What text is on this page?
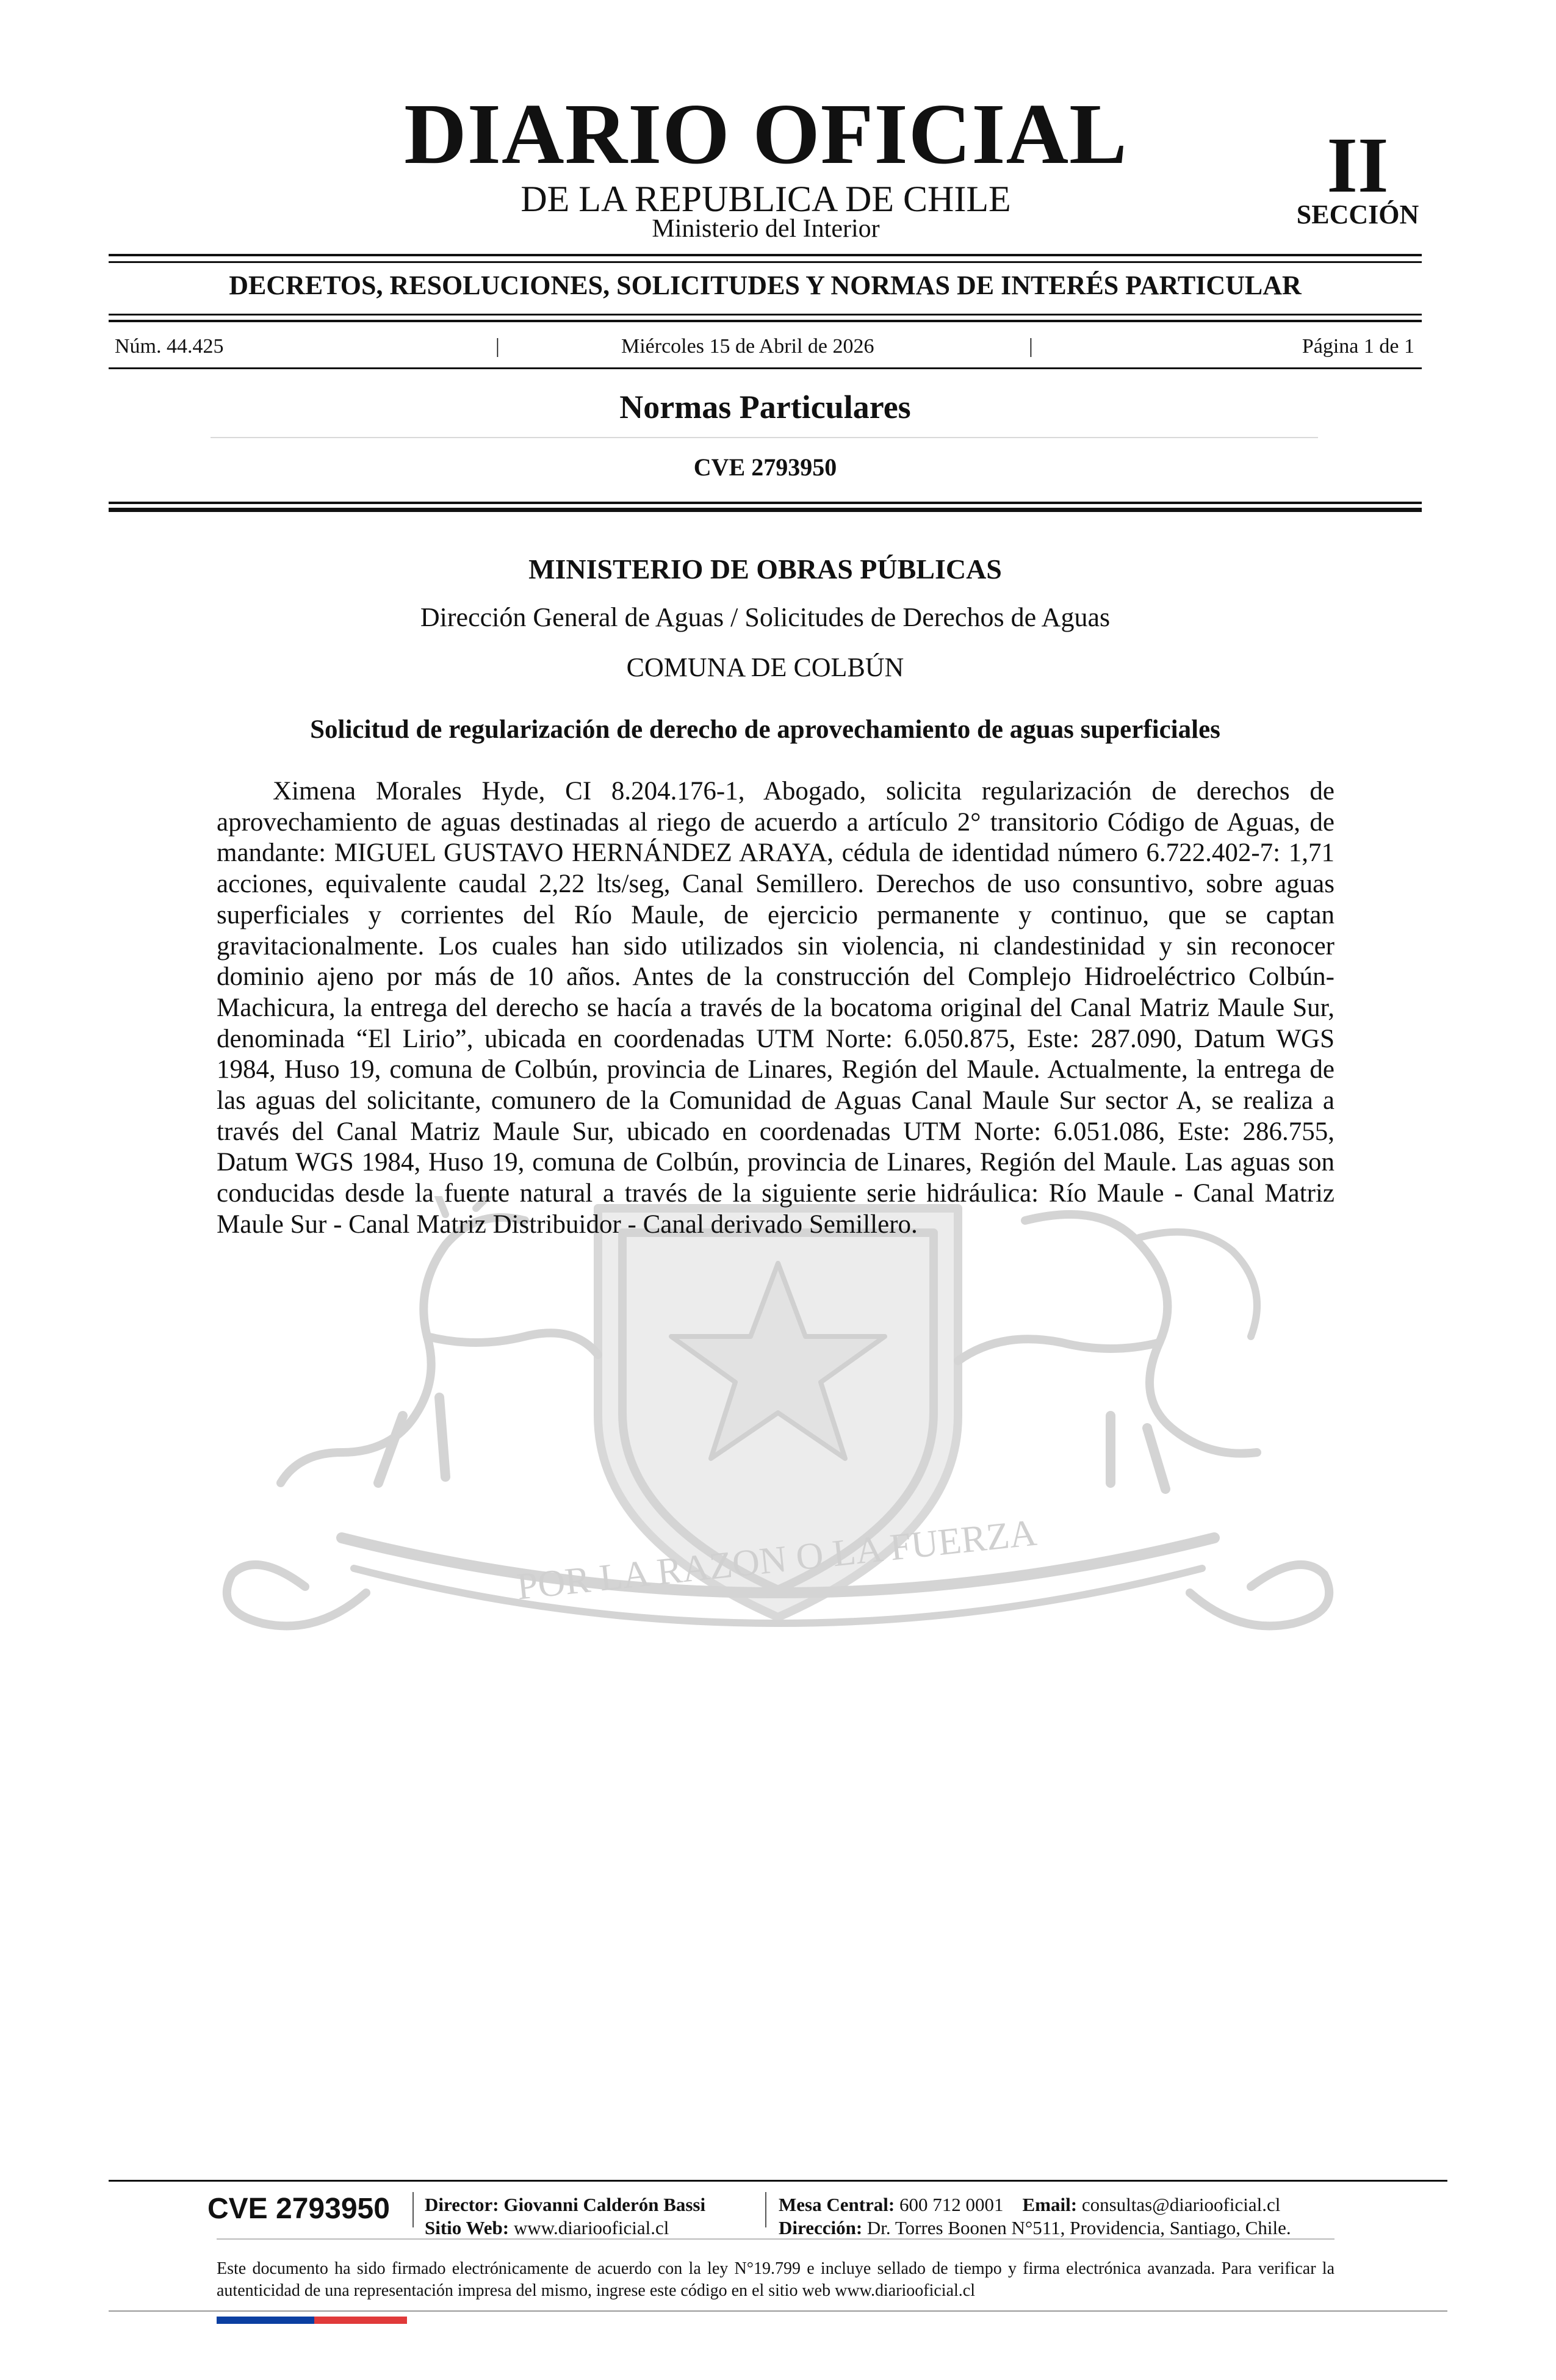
DIARIO OFICIAL
DE LA REPUBLICA DE CHILE
Ministerio del Interior
II
SECCIÓN
DECRETOS, RESOLUCIONES, SOLICITUDES Y NORMAS DE INTERÉS PARTICULAR
Núm. 44.425	|	Miércoles 15 de Abril de 2026	|	Página 1 de 1
Normas Particulares
CVE 2793950
POR LA RAZON O LA FUERZA
MINISTERIO DE OBRAS PÚBLICAS
Dirección General de Aguas / Solicitudes de Derechos de Aguas
COMUNA DE COLBÚN
Solicitud de regularización de derecho de aprovechamiento de aguas superficiales

Ximena Morales Hyde, CI 8.204.176-1, Abogado, solicita regularización de derechos de aprovechamiento de aguas destinadas al riego de acuerdo a artículo 2° transitorio Código de Aguas, de mandante: MIGUEL GUSTAVO HERNÁNDEZ ARAYA, cédula de identidad número 6.722.402-7: 1,71 acciones, equivalente caudal 2,22 lts/seg, Canal Semillero. Derechos de uso consuntivo, sobre aguas superficiales y corrientes del Río Maule, de ejercicio permanente y continuo, que se captan gravitacionalmente. Los cuales han sido utilizados sin violencia, ni clandestinidad y sin reconocer dominio ajeno por más de 10 años. Antes de la construcción del Complejo Hidroeléctrico Colbún-Machicura, la entrega del derecho se hacía a través de la bocatoma original del Canal Matriz Maule Sur, denominada “El Lirio”, ubicada en coordenadas UTM Norte: 6.050.875, Este: 287.090, Datum WGS 1984, Huso 19, comuna de Colbún, provincia de Linares, Región del Maule. Actualmente, la entrega de las aguas del solicitante, comunero de la Comunidad de Aguas Canal Maule Sur sector A, se realiza a través del Canal Matriz Maule Sur, ubicado en coordenadas UTM Norte: 6.051.086, Este: 286.755, Datum WGS 1984, Huso 19, comuna de Colbún, provincia de Linares, Región del Maule. Las aguas son conducidas desde la fuente natural a través de la siguiente serie hidráulica: Río Maule - Canal Matriz Maule Sur - Canal Matriz Distribuidor - Canal derivado Semillero.

CVE 2793950 Director: Giovanni Calderón Bassi
Sitio Web: www.diariooficial.cl
Mesa Central: 600 712 0001 Email: consultas@diariooficial.cl
Dirección: Dr. Torres Boonen N°511, Providencia, Santiago, Chile.

Este documento ha sido firmado electrónicamente de acuerdo con la ley N°19.799 e incluye sellado de tiempo y firma electrónica avanzada. Para verificar la autenticidad de una representación impresa del mismo, ingrese este código en el sitio web www.diariooficial.cl
